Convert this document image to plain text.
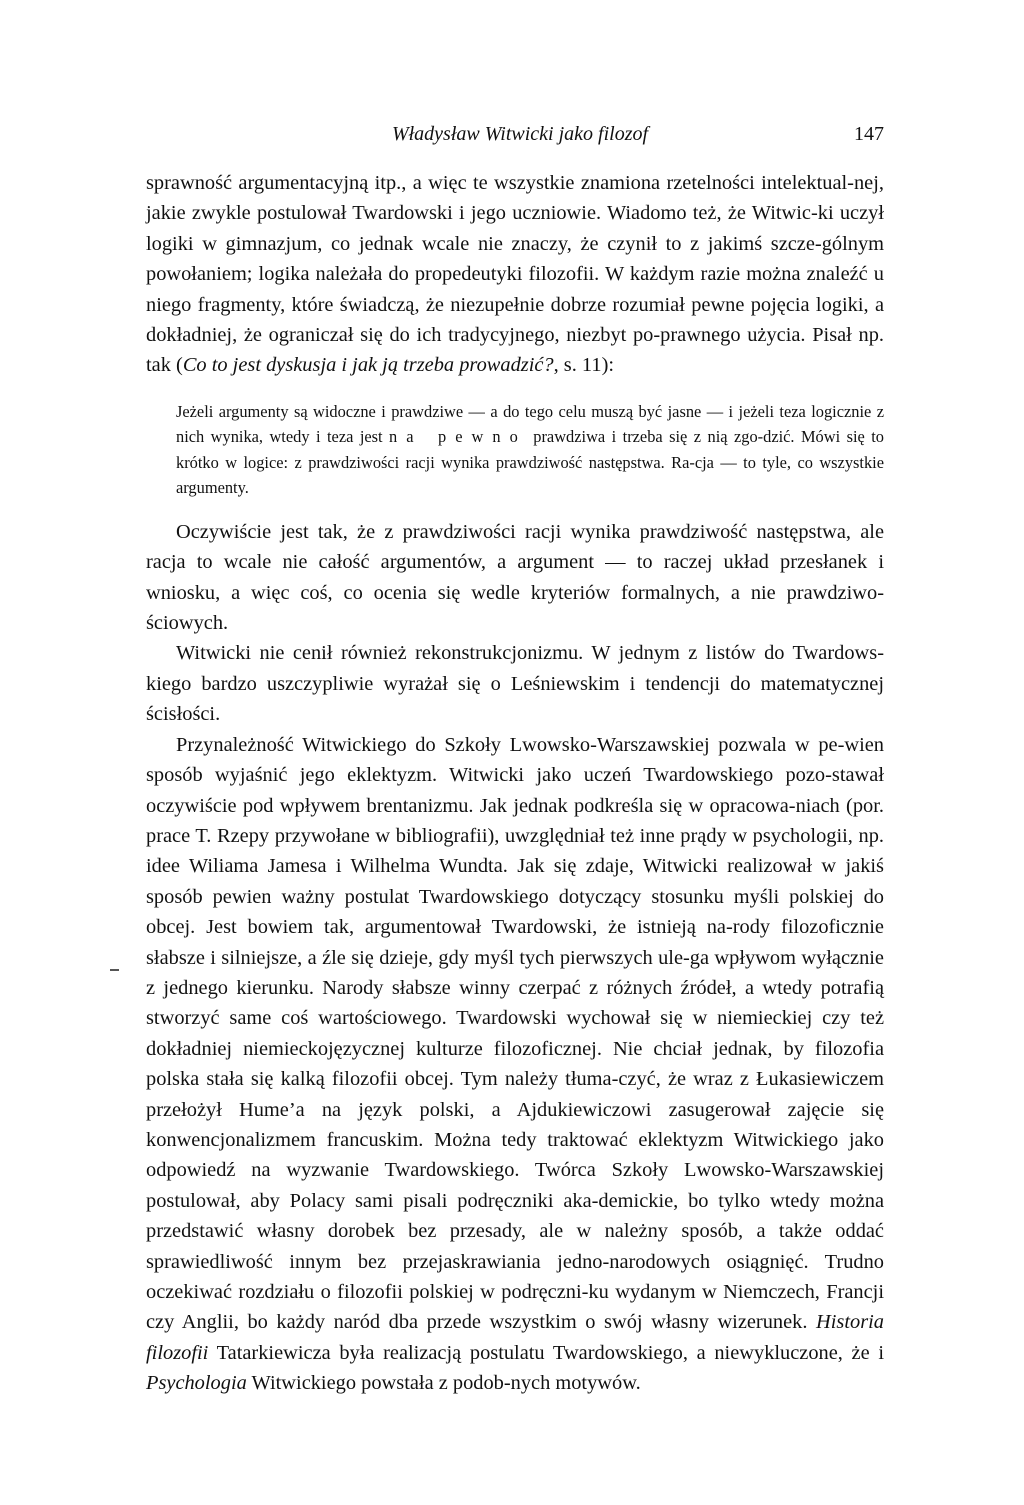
Władysław Witwicki jako filozof	147

sprawność argumentacyjną itp., a więc te wszystkie znamiona rzetelności intelektual-nej, jakie zwykle postulował Twardowski i jego uczniowie. Wiadomo też, że Witwic-ki uczył logiki w gimnazjum, co jednak wcale nie znaczy, że czynił to z jakimś szcze-gólnym powołaniem; logika należała do propedeutyki filozofii. W każdym razie można znaleźć u niego fragmenty, które świadczą, że niezupełnie dobrze rozumiał pewne pojęcia logiki, a dokładniej, że ograniczał się do ich tradycyjnego, niezbyt po-prawnego użycia. Pisał np. tak (Co to jest dyskusja i jak ją trzeba prowadzić?, s. 11):

Jeżeli argumenty są widoczne i prawdziwe — a do tego celu muszą być jasne — i jeżeli teza logicznie z nich wynika, wtedy i teza jest na pewno prawdziwa i trzeba się z nią zgo-dzić. Mówi się to krótko w logice: z prawdziwości racji wynika prawdziwość następstwa. Ra-cja — to tyle, co wszystkie argumenty.

Oczywiście jest tak, że z prawdziwości racji wynika prawdziwość następstwa, ale racja to wcale nie całość argumentów, a argument — to raczej układ przesłanek i wniosku, a więc coś, co ocenia się wedle kryteriów formalnych, a nie prawdziwo-ściowych.

Witwicki nie cenił również rekonstrukcjonizmu. W jednym z listów do Twardows-kiego bardzo uszczypliwie wyrażał się o Leśniewskim i tendencji do matematycznej ścisłości.

Przynależność Witwickiego do Szkoły Lwowsko-Warszawskiej pozwala w pe-wien sposób wyjaśnić jego eklektyzm. Witwicki jako uczeń Twardowskiego pozo-stawał oczywiście pod wpływem brentanizmu. Jak jednak podkreśla się w opracowa-niach (por. prace T. Rzepy przywołane w bibliografii), uwzględniał też inne prądy w psychologii, np. idee Wiliama Jamesa i Wilhelma Wundta. Jak się zdaje, Witwicki realizował w jakiś sposób pewien ważny postulat Twardowskiego dotyczący stosunku myśli polskiej do obcej. Jest bowiem tak, argumentował Twardowski, że istnieją na-rody filozoficznie słabsze i silniejsze, a źle się dzieje, gdy myśl tych pierwszych ule-ga wpływom wyłącznie z jednego kierunku. Narody słabsze winny czerpać z różnych źródeł, a wtedy potrafią stworzyć same coś wartościowego. Twardowski wychował się w niemieckiej czy też dokładniej niemieckojęzycznej kulturze filozoficznej. Nie chciał jednak, by filozofia polska stała się kalką filozofii obcej. Tym należy tłuma-czyć, że wraz z Łukasiewiczem przełożył Hume’a na język polski, a Ajdukiewiczowi zasugerował zajęcie się konwencjonalizmem francuskim. Można tedy traktować eklektyzm Witwickiego jako odpowiedź na wyzwanie Twardowskiego. Twórca Szkoły Lwowsko-Warszawskiej postulował, aby Polacy sami pisali podręczniki aka-demickie, bo tylko wtedy można przedstawić własny dorobek bez przesady, ale w należny sposób, a także oddać sprawiedliwość innym bez przejaskrawiania jedno-narodowych osiągnięć. Trudno oczekiwać rozdziału o filozofii polskiej w podręczni-ku wydanym w Niemczech, Francji czy Anglii, bo każdy naród dba przede wszystkim o swój własny wizerunek. Historia filozofii Tatarkiewicza była realizacją postulatu Twardowskiego, a niewykluczone, że i Psychologia Witwickiego powstała z podob-nych motywów.
